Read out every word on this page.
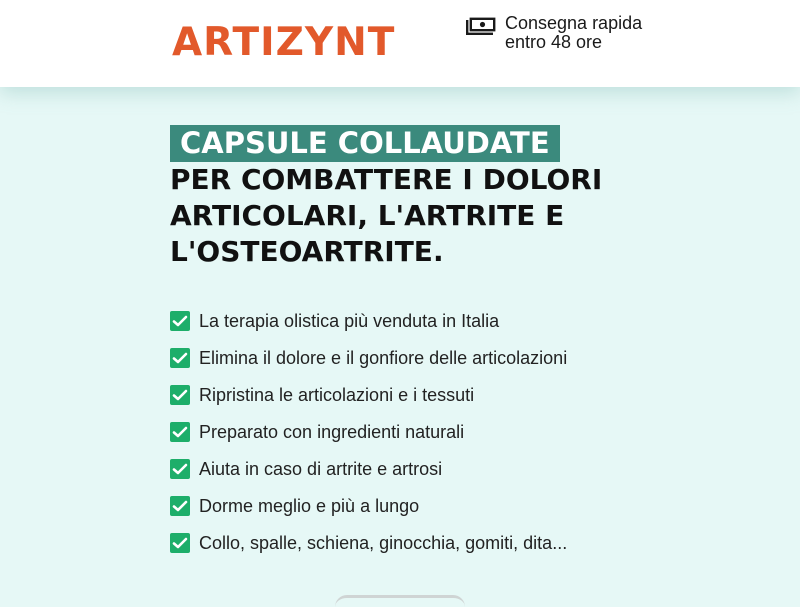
ARTIZYNT	Consegna rapida entro 48 ore
CAPSULE COLLAUDATE
PER COMBATTERE I DOLORI ARTICOLARI, L'ARTRITE E L'OSTEOARTRITE.
La terapia olistica più venduta in Italia
Elimina il dolore e il gonfiore delle articolazioni
Ripristina le articolazioni e i tessuti
Preparato con ingredienti naturali
Aiuta in caso di artrite e artrosi
Dorme meglio e più a lungo
Collo, spalle, schiena, ginocchia, gomiti, dita...
